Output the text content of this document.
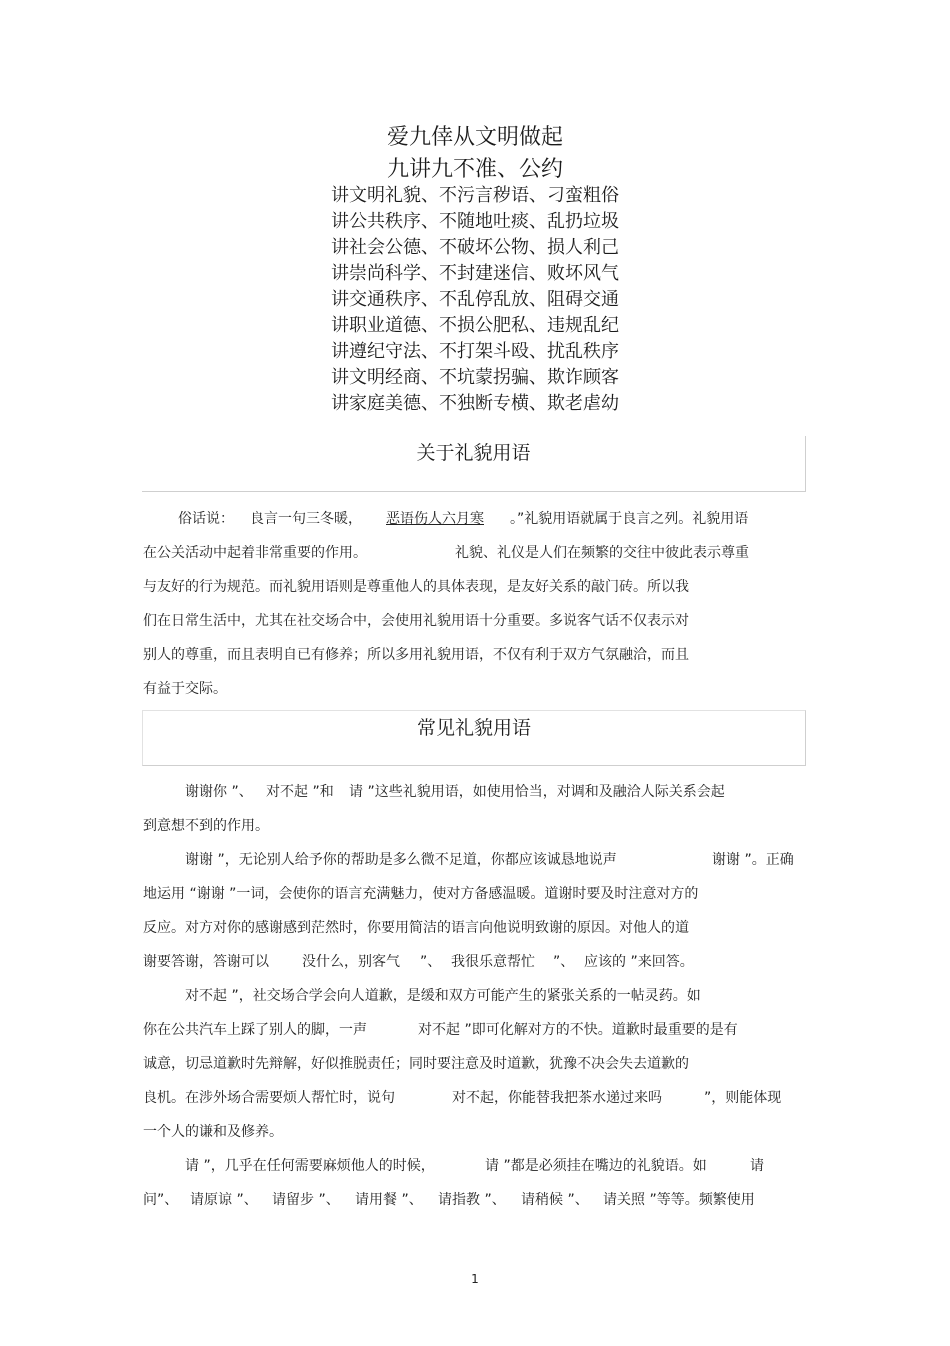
爱九倖从文明做起
九讲九不准、公约
讲文明礼貌、不污言秽语、刁蛮粗俗
讲公共秩序、不随地吐痰、乱扔垃圾
讲社会公德、不破坏公物、损人利己
讲崇尚科学、不封建迷信、败坏风气
讲交通秩序、不乱停乱放、阻碍交通
讲职业道德、不损公肥私、违规乱纪
讲遵纪守法、不打架斗殴、扰乱秩序
讲文明经商、不坑蒙拐骗、欺诈顾客
讲家庭美德、不独断专横、欺老虐幼
关于礼貌用语
俗话说： 良言一句三冬暖， 恶语伤人六月寒 。”礼貌用语就属于良言之列。礼貌用语
在公关活动中起着非常重要的作用。	礼貌、礼仪是人们在频繁的交往中彼此表示尊重
与友好的行为规范。而礼貌用语则是尊重他人的具体表现，是友好关系的敲门砖。所以我
们在日常生活中，尤其在社交场合中，会使用礼貌用语十分重要。多说客气话不仅表示对
别人的尊重，而且表明自已有修养；所以多用礼貌用语，不仅有利于双方气氛融洽，而且
有益于交际。
常见礼貌用语
谢谢你 ”、 对不起 ”和 请 ”这些礼貌用语，如使用恰当，对调和及融洽人际关系会起
到意想不到的作用。
谢谢 ”，无论别人给予你的帮助是多么微不足道，你都应该诚恳地说声	谢谢 ”。正确
地运用 “谢谢 ”一词，会使你的语言充满魅力，使对方备感温暖。道谢时要及时注意对方的
反应。对方对你的感谢感到茫然时，你要用简洁的语言向他说明致谢的原因。对他人的道
谢要答谢，答谢可以 没什么，别客气 ”、 我很乐意帮忙 ”、 应该的 ”来回答。
对不起 ”，社交场合学会向人道歉，是缓和双方可能产生的紧张关系的一帖灵药。如
你在公共汽车上踩了别人的脚，一声	对不起 ”即可化解对方的不快。道歉时最重要的是有
诚意，切忌道歉时先辩解，好似推脱责任；同时要注意及时道歉，犹豫不决会失去道歉的
良机。在涉外场合需要烦人帮忙时，说句	对不起，你能替我把茶水递过来吗	”，则能体现
一个人的谦和及修养。
请 ”，几乎在任何需要麻烦他人的时候，	请 ”都是必须挂在嘴边的礼貌语。如	请
问”、 请原谅 ”、 请留步 ”、 请用餐 ”、 请指教 ”、 请稍候 ”、 请关照 ”等等。频繁使用
1
